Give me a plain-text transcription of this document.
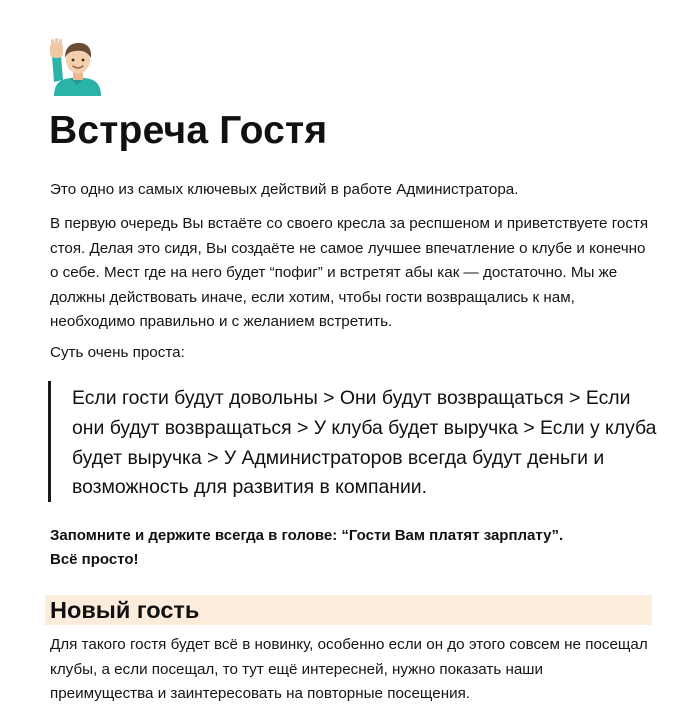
Встреча Гостя

Это одно из самых ключевых действий в работе Администратора.

В первую очередь Вы встаёте со своего кресла за респшеном и приветствуете гостя стоя. Делая это сидя, Вы создаёте не самое лучшее впечатление о клубе и конечно о себе. Мест где на него будет “пофиг” и встретят абы как — достаточно. Мы же должны действовать иначе, если хотим, чтобы гости возвращались к нам, необходимо правильно и с желанием встретить.

Суть очень проста:

Если гости будут довольны > Они будут возвращаться > Если они будут возвращаться > У клуба будет выручка > Если у клуба будет выручка > У Администраторов всегда будут деньги и возможность для развития в компании.

Запомните и держите всегда в голове: “Гости Вам платят зарплату”.
Всё просто!

Новый гость

Для такого гостя будет всё в новинку, особенно если он до этого совсем не посещал клубы, а если посещал, то тут ещё интересней, нужно показать наши преимущества и заинтересовать на повторные посещения.
